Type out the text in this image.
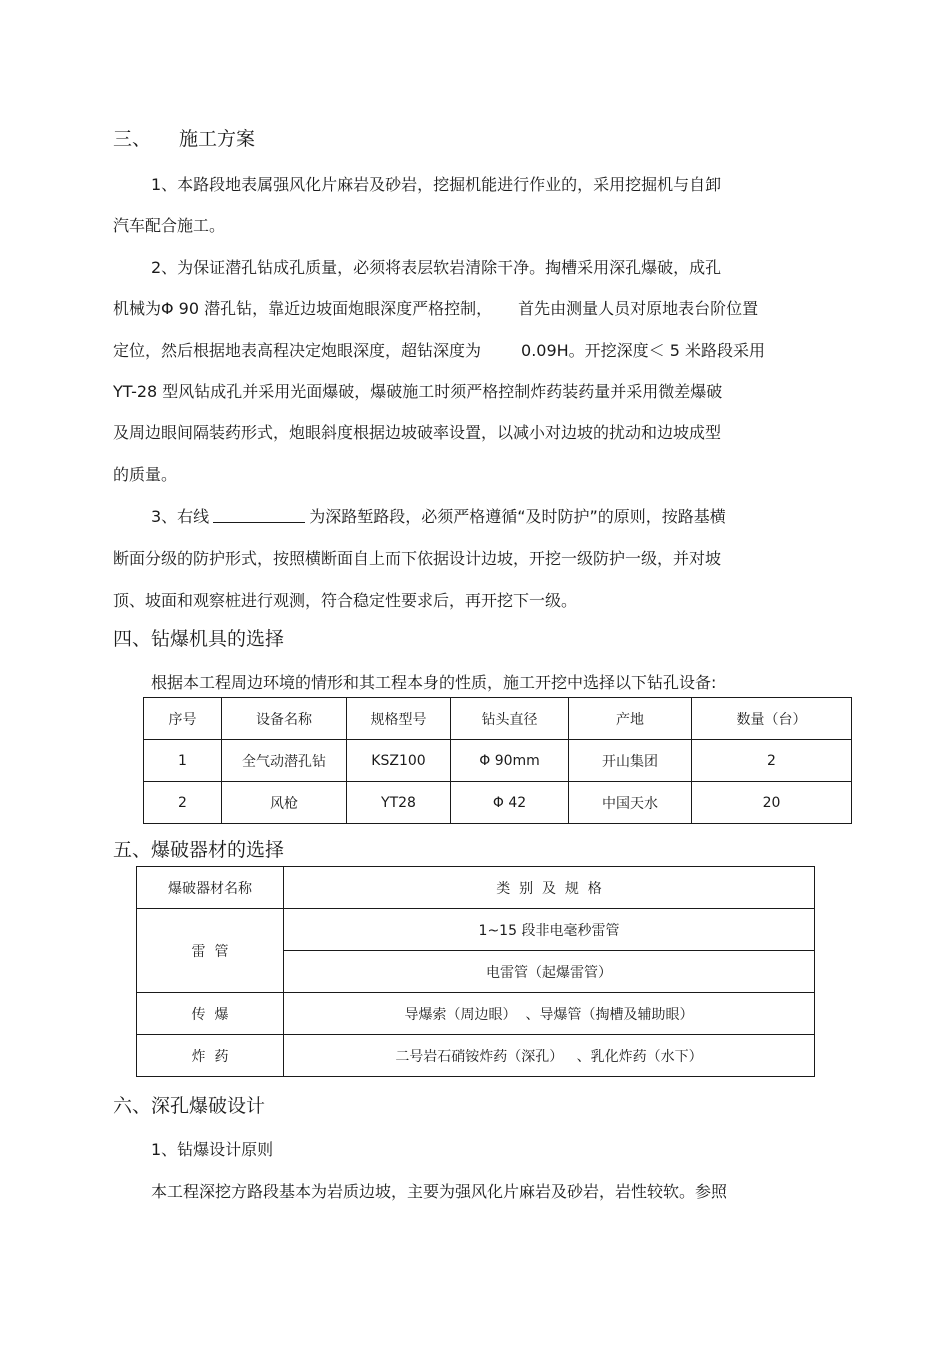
三、 施工方案
1、本路段地表属强风化片麻岩及砂岩，挖掘机能进行作业的，采用挖掘机与自卸
汽车配合施工。
2、为保证潜孔钻成孔质量，必须将表层软岩清除干净。掏槽采用深孔爆破，成孔
机械为Φ 90 潜孔钻，靠近边坡面炮眼深度严格控制， 首先由测量人员对原地表台阶位置
定位，然后根据地表高程决定炮眼深度，超钻深度为	0.09H。开挖深度＜ 5 米路段采用
YT-28 型风钻成孔并采用光面爆破，爆破施工时须严格控制炸药装药量并采用微差爆破
及周边眼间隔装药形式，炮眼斜度根据边坡破率设置，以减小对边坡的扰动和边坡成型
的质量。
3、右线	为深路堑路段，必须严格遵循“及时防护”的原则，按路基横
断面分级的防护形式，按照横断面自上而下依据设计边坡，开挖一级防护一级，并对坡
顶、坡面和观察桩进行观测，符合稳定性要求后，再开挖下一级。
四、钻爆机具的选择
根据本工程周边环境的情形和其工程本身的性质，施工开挖中选择以下钻孔设备:
序号	设备名称	规格型号	钻头直径	产地	数量（台）
1	全气动潜孔钻	KSZ100	Φ 90mm	开山集团	2
2	风枪	YT28	Φ 42	中国天水	20
五、爆破器材的选择
爆破器材名称	类  别  及  规  格
雷  管	1~15 段非电毫秒雷管
	电雷管（起爆雷管）
传  爆	导爆索（周边眼）  、导爆管（掏槽及辅助眼）
炸  药	二号岩石硝铵炸药（深孔）   、乳化炸药（水下）
六、深孔爆破设计
1、钻爆设计原则
本工程深挖方路段基本为岩质边坡，主要为强风化片麻岩及砂岩，岩性较软。参照
